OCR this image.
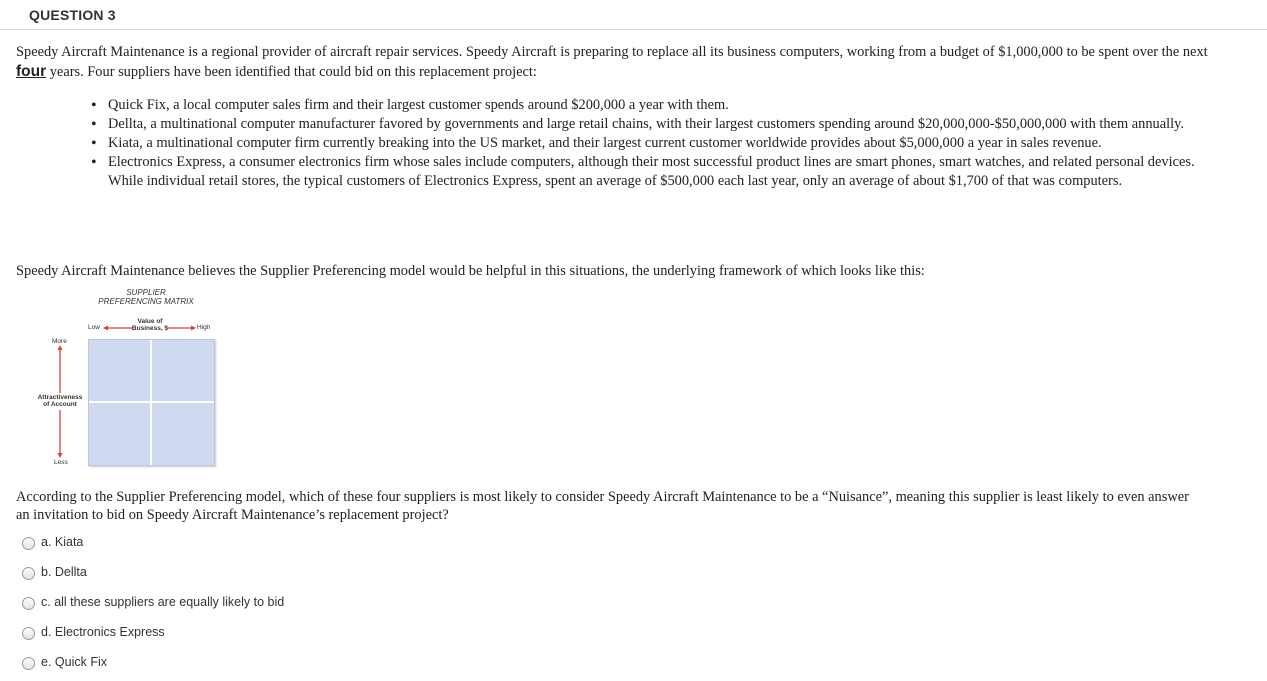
QUESTION 3
Speedy Aircraft Maintenance is a regional provider of aircraft repair services. Speedy Aircraft is preparing to replace all its business computers, working from a budget of $1,000,000 to be spent over the next four years. Four suppliers have been identified that could bid on this replacement project:
• Quick Fix, a local computer sales firm and their largest customer spends around $200,000 a year with them.
• Dellta, a multinational computer manufacturer favored by governments and large retail chains, with their largest customers spending around $20,000,000-$50,000,000 with them annually.
• Kiata, a multinational computer firm currently breaking into the US market, and their largest current customer worldwide provides about $5,000,000 a year in sales revenue.
• Electronics Express, a consumer electronics firm whose sales include computers, although their most successful product lines are smart phones, smart watches, and related personal devices. While individual retail stores, the typical customers of Electronics Express, spent an average of $500,000 each last year, only an average of about $1,700 of that was computers.
Speedy Aircraft Maintenance believes the Supplier Preferencing model would be helpful in this situations, the underlying framework of which looks like this:
SUPPLIER
PREFERENCING MATRIX
Low
Value of
Business, $	High
More
Attractiveness
of Account
Less
According to the Supplier Preferencing model, which of these four suppliers is most likely to consider Speedy Aircraft Maintenance to be a “Nuisance”, meaning this supplier is least likely to even answer an invitation to bid on Speedy Aircraft Maintenance’s replacement project?
a. Kiata
b. Dellta
c. all these suppliers are equally likely to bid
d. Electronics Express
e. Quick Fix
